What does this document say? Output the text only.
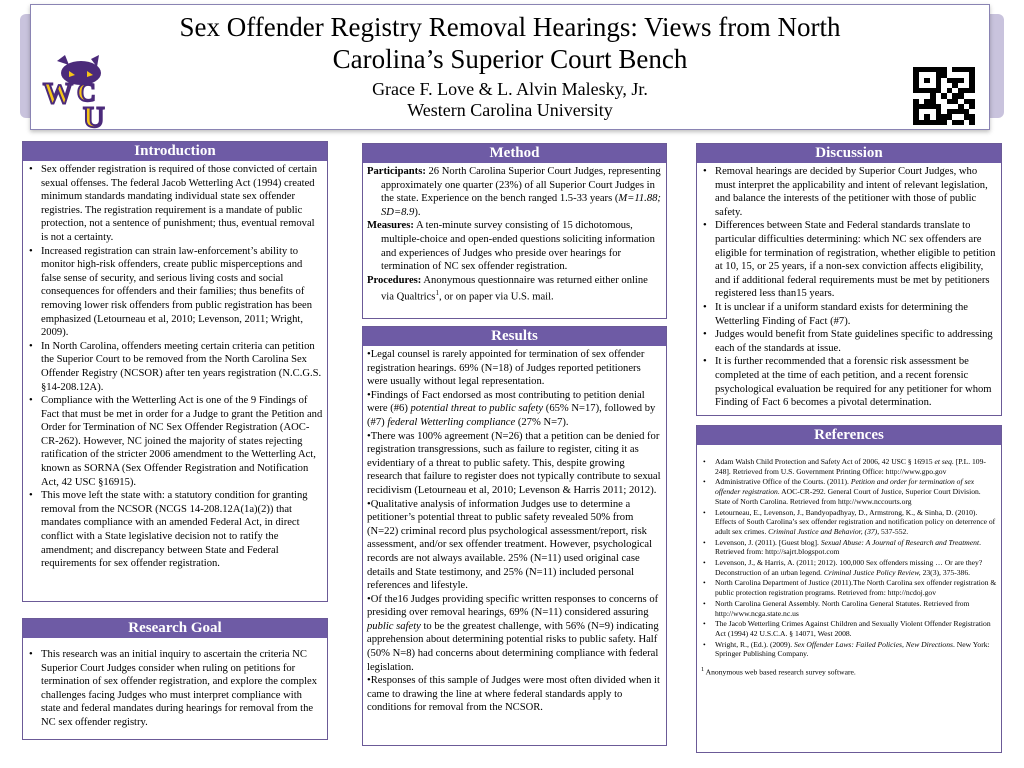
Sex Offender Registry Removal Hearings: Views from North Carolina’s Superior Court Bench
Grace F. Love & L. Alvin Malesky, Jr.
Western Carolina University
W C
U
Introduction
• Sex offender registration is required of those convicted of certain sexual offenses. The federal Jacob Wetterling Act (1994) created minimum standards mandating individual state sex offender registries. The registration requirement is a mandate of public protection, not a sentence of punishment; thus, eventual removal is not a certainty.
• Increased registration can strain law-enforcement’s ability to monitor high-risk offenders, create public misperceptions and false sense of security, and serious living costs and social consequences for offenders and their families; thus benefits of removing lower risk offenders from public registration has been emphasized (Letourneau et al, 2010; Levenson, 2011; Wright, 2009).
• In North Carolina, offenders meeting certain criteria can petition the Superior Court to be removed from the North Carolina Sex Offender Registry (NCSOR) after ten years registration (N.C.G.S. §14-208.12A).
• Compliance with the Wetterling Act is one of the 9 Findings of Fact that must be met in order for a Judge to grant the Petition and Order for Termination of NC Sex Offender Registration (AOC-CR-262). However, NC joined the majority of states rejecting ratification of the stricter 2006 amendment to the Wetterling Act, known as SORNA (Sex Offender Registration and Notification Act, 42 USC §16915).
• This move left the state with: a statutory condition for granting removal from the NCSOR (NCGS 14-208.12A(1a)(2)) that mandates compliance with an amended Federal Act, in direct conflict with a State legislative decision not to ratify the amendment; and discrepancy between State and Federal requirements for sex offender registration.
Research Goal
• This research was an initial inquiry to ascertain the criteria NC Superior Court Judges consider when ruling on petitions for termination of sex offender registration, and explore the complex challenges facing Judges who must interpret compliance with state and federal mandates during hearings for removal from the NC sex offender registry.
Method

Participants: 26 North Carolina Superior Court Judges, representing approximately one quarter (23%) of all Superior Court Judges in the state. Experience on the bench ranged 1.5-33 years (M=11.88; SD=8.9).

Measures: A ten-minute survey consisting of 15 dichotomous, multiple-choice and open-ended questions soliciting information and experiences of Judges who preside over hearings for termination of NC sex offender registration.

Procedures: Anonymous questionnaire was returned either online via Qualtrics$^1$, or on paper via U.S. mail.

Results

•Legal counsel is rarely appointed for termination of sex offender registration hearings. 69% (N=18) of Judges reported petitioners were usually without legal representation.

•Findings of Fact endorsed as most contributing to petition denial were (#6) potential threat to public safety (65% N=17), followed by (#7) federal Wetterling compliance (27% N=7).

•There was 100% agreement (N=26) that a petition can be denied for registration transgressions, such as failure to register, citing it as evidentiary of a threat to public safety. This, despite growing research that failure to register does not typically contribute to sexual recidivism (Letourneau et al, 2010; Levenson & Harris 2011; 2012).

•Qualitative analysis of information Judges use to determine a petitioner’s potential threat to public safety revealed 50% from (N=22) criminal record plus psychological assessment/report, risk assessment, and/or sex offender treatment. However, psychological records are not always available. 25% (N=11) used original case details and State testimony, and 25% (N=11) included personal references and lifestyle.

•Of the16 Judges providing specific written responses to concerns of presiding over removal hearings, 69% (N=11) considered assuring public safety to be the greatest challenge, with 56% (N=9) indicating apprehension about determining potential risks to public safety. Half (50% N=8) had concerns about determining compliance with federal legislation.

•Responses of this sample of Judges were most often divided when it came to drawing the line at where federal standards apply to conditions for removal from the NCSOR.

Discussion
• Removal hearings are decided by Superior Court Judges, who must interpret the applicability and intent of relevant legislation, and balance the interests of the petitioner with those of public safety.
• Differences between State and Federal standards translate to particular difficulties determining: which NC sex offenders are eligible for termination of registration, whether eligible to petition at 10, 15, or 25 years, if a non-sex conviction affects eligibility, and if additional federal requirements must be met by petitioners registered less than15 years.
• It is unclear if a uniform standard exists for determining the Wetterling Finding of Fact (#7).
• Judges would benefit from State guidelines specific to addressing each of the standards at issue.
• It is further recommended that a forensic risk assessment be completed at the time of each petition, and a recent forensic psychological evaluation be required for any petitioner for whom Finding of Fact 6 becomes a pivotal determination.
References
• Adam Walsh Child Protection and Safety Act of 2006, 42 USC § 16915 et seq. [P.L. 109-248]. Retrieved from U.S. Government Printing Office: http://www.gpo.gov
• Administrative Office of the Courts. (2011). Petition and order for termination of sex offender registration. AOC-CR-292. General Court of Justice, Superior Court Division. State of North Carolina. Retrieved from http://www.nccourts.org
• Letourneau, E., Levenson, J., Bandyopadhyay, D., Armstrong, K., & Sinha, D. (2010). Effects of South Carolina’s sex offender registration and notification policy on deterrence of adult sex crimes. Criminal Justice and Behavior, (37), 537-552.
• Levenson, J. (2011). [Guest blog]. Sexual Abuse: A Journal of Research and Treatment. Retrieved from: http://sajrt.blogspot.com
• Levenson, J., & Harris, A. (2011; 2012). 100,000 Sex offenders missing … Or are they? Deconstruction of an urban legend. Criminal Justice Policy Review, 23(3), 375-386.
• North Carolina Department of Justice (2011).The North Carolina sex offender registration & public protection registration programs. Retrieved from: http://ncdoj.gov
• North Carolina General Assembly. North Carolina General Statutes. Retrieved from http://www.ncga.state.nc.us
• The Jacob Wetterling Crimes Against Children and Sexually Violent Offender Registration Act (1994) 42 U.S.C.A. § 14071, West 2008.
• Wright, R., (Ed.). (2009). Sex Offender Laws: Failed Policies, New Directions. New York: Springer Publishing Company.
$^1$ Anonymous web based research survey software.
